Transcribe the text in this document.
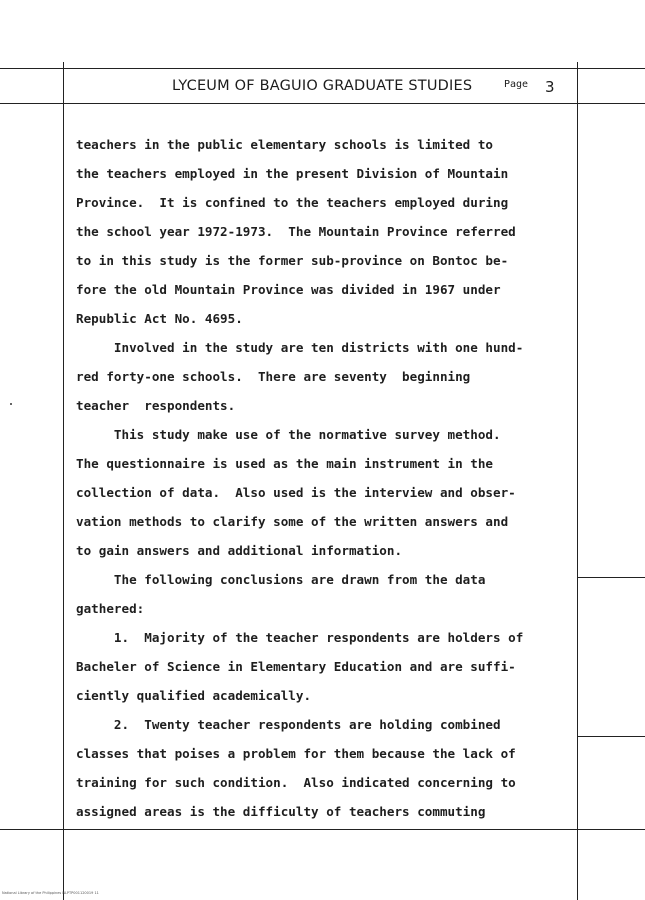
LYCEUM OF BAGUIO GRADUATE STUDIES	Page 3
teachers in the public elementary schools is limited to
the teachers employed in the present Division of Mountain
Province.  It is confined to the teachers employed during
the school year 1972-1973.  The Mountain Province referred
to in this study is the former sub-province on Bontoc be-
fore the old Mountain Province was divided in 1967 under
Republic Act No. 4695.
Involved in the study are ten districts with one hund-
red forty-one schools.  There are seventy  beginning
teacher  respondents.
This study make use of the normative survey method.
The questionnaire is used as the main instrument in the
collection of data.  Also used is the interview and obser-
vation methods to clarify some of the written answers and
to gain answers and additional information.
The following conclusions are drawn from the data
gathered:
1.  Majority of the teacher respondents are holders of
Bacheler of Science in Elementary Education and are suffi-
ciently qualified academically.
2.  Twenty teacher respondents are holding combined
classes that poises a problem for them because the lack of
training for such condition.  Also indicated concerning to
assigned areas is the difficulty of teachers commuting
National Library of the Philippines NLPTP001120019 11
